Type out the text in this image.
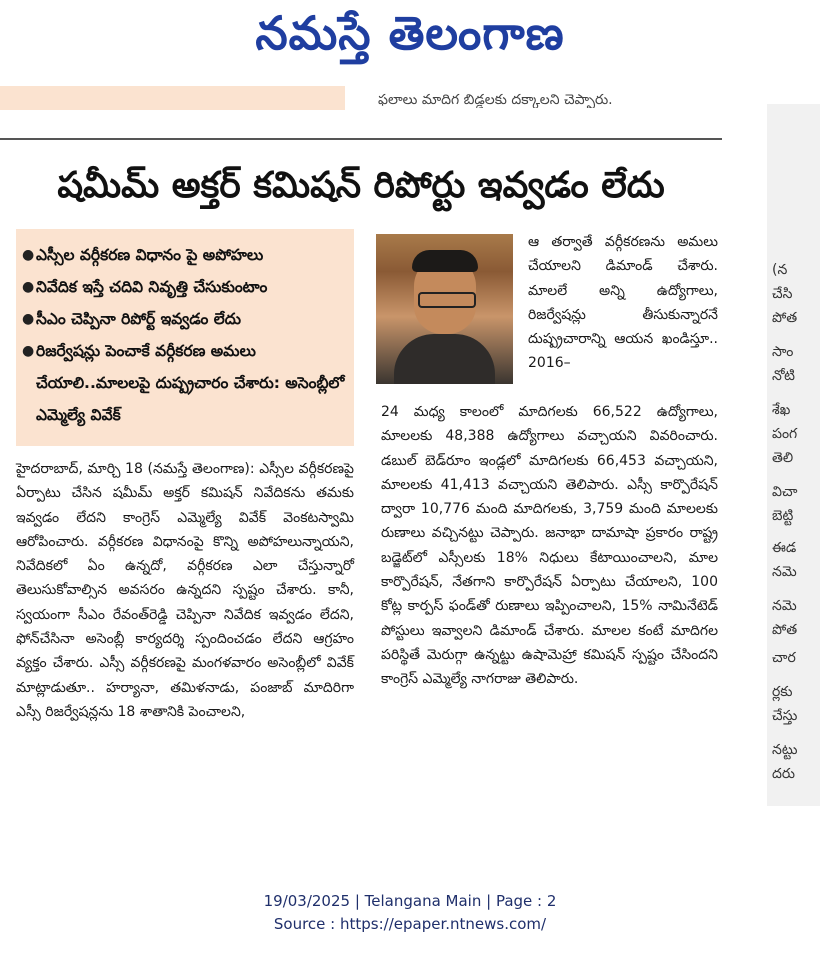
నమస్తే తెలంగాణ
ఫలాలు మాదిగ బిడ్డలకు దక్కాలని చెప్పారు.
షమీమ్ అక్తర్ కమిషన్ రిపోర్టు ఇవ్వడం లేదు
● ఎస్సీల వర్గీకరణ విధానం పై అపోహలు
● నివేదిక ఇస్తే చదివి నివృత్తి చేసుకుంటాం
● సీఎం చెప్పినా రిపోర్ట్ ఇవ్వడం లేదు
● రిజర్వేషన్లు పెంచాకే వర్గీకరణ అమలు చేయాలి..మాలలపై దుష్ప్రచారం చేశారు: అసెంబ్లీలో ఎమ్మెల్యే వివేక్

హైదరాబాద్, మార్చి 18 (నమస్తే తెలంగాణ): ఎస్సీల వర్గీకరణపై ఏర్పాటు చేసిన షమీమ్ అక్తర్ కమిషన్ నివేదికను తమకు ఇవ్వడం లేదని కాంగ్రెస్ ఎమ్మెల్యే వివేక్ వెంకటస్వామి ఆరోపించారు. వర్గీకరణ విధానంపై కొన్ని అపోహలున్నాయని, నివేదికలో ఏం ఉన్నదో, వర్గీకరణ ఎలా చేస్తున్నారో తెలుసుకోవాల్సిన అవసరం ఉన్నదని స్పష్టం చేశారు. కానీ, స్వయంగా సీఎం రేవంత్‌రెడ్డి చెప్పినా నివేదిక ఇవ్వడం లేదని, ఫోన్‌చేసినా అసెంబ్లీ కార్యదర్శి స్పందించడం లేదని ఆగ్రహం వ్యక్తం చేశారు. ఎస్సీ వర్గీకరణపై మంగళవారం అసెంబ్లీలో వివేక్ మాట్లాడుతూ.. హర్యానా, తమిళనాడు, పంజాబ్ మాదిరిగా ఎస్సీ రిజర్వేషన్లను 18 శాతానికి పెంచాలని,

ఆ తర్వాతే వర్గీకరణను అమలు చేయాలని డిమాండ్ చేశారు. మాలలే అన్ని ఉద్యోగాలు, రిజర్వేషన్లు తీసుకున్నారనే దుష్ప్రచారాన్ని ఆయన ఖండిస్తూ.. 2016–

24 మధ్య కాలంలో మాదిగలకు 66,522 ఉద్యోగాలు, మాలలకు 48,388 ఉద్యోగాలు వచ్చాయని వివరించారు. డబుల్ బెడ్‌రూం ఇండ్లలో మాదిగలకు 66,453 వచ్చాయని, మాలలకు 41,413 వచ్చాయని తెలిపారు. ఎస్సీ కార్పొరేషన్ ద్వారా 10,776 మంది మాదిగలకు, 3,759 మంది మాలలకు రుణాలు వచ్చినట్టు చెప్పారు. జనాభా దామాషా ప్రకారం రాష్ట్ర బడ్జెట్‌లో ఎస్సీలకు 18% నిధులు కేటాయించాలని, మాల కార్పొరేషన్, నేతగాని కార్పొరేషన్ ఏర్పాటు చేయాలని, 100 కోట్ల కార్పస్ ఫండ్‌తో రుణాలు ఇప్పించాలని, 15% నామినేటెడ్ పోస్టులు ఇవ్వాలని డిమాండ్ చేశారు. మాలల కంటే మాదిగల పరిస్థితే మెరుగ్గా ఉన్నట్టు ఉషామెహ్రా కమిషన్ స్పష్టం చేసిందని కాంగ్రెస్ ఎమ్మెల్యే నాగరాజు తెలిపారు.

(న
చేసి
పోత
సాం
నోటి
శేఖ
పంగ
తెలి
విచా
బెట్టి
ఈడ
నమె
నమె
పోత
చార
ర్లకు
చేస్తు
నట్టు
దరు
19/03/2025 | Telangana Main | Page : 2
Source : https://epaper.ntnews.com/
